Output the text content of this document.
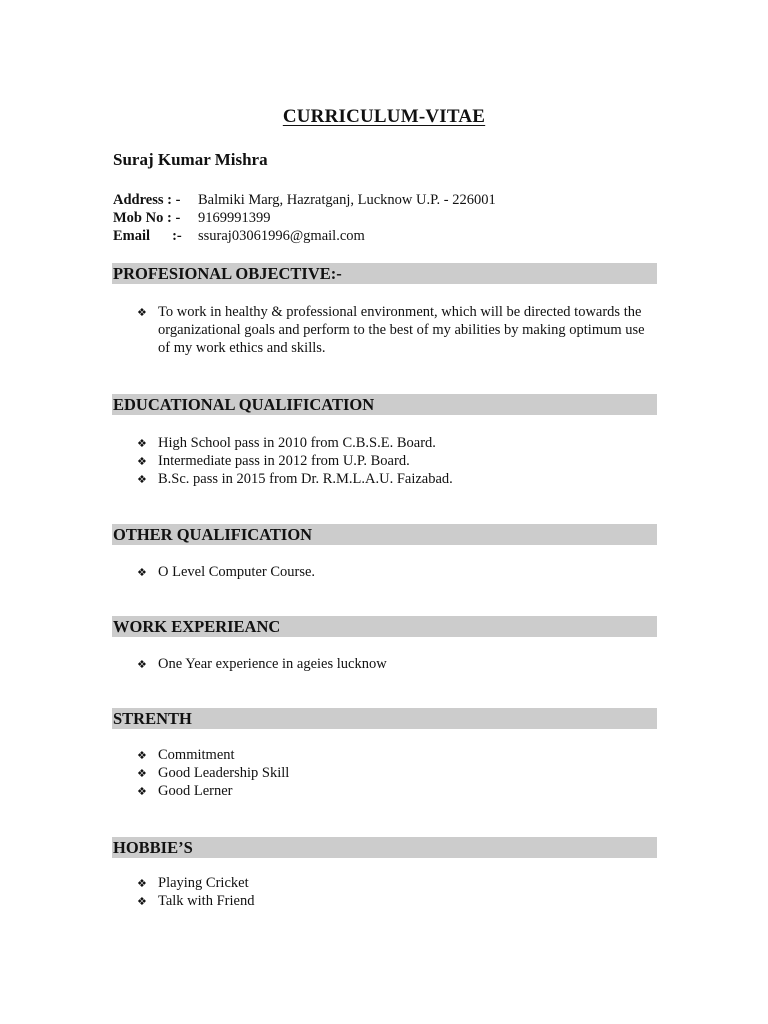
CURRICULUM-VITAE
Suraj Kumar Mishra
Address : -	Balmiki Marg, Hazratganj, Lucknow U.P. - 226001
Mob No : -	9169991399
Email :-	ssuraj03061996@gmail.com
PROFESIONAL OBJECTIVE:-
❖ To work in healthy & professional environment, which will be directed towards the organizational goals and perform to the best of my abilities by making optimum use of my work ethics and skills.
EDUCATIONAL QUALIFICATION
❖ High School pass in 2010 from C.B.S.E. Board.
❖ Intermediate pass in 2012 from U.P. Board.
❖ B.Sc. pass in 2015 from Dr. R.M.L.A.U. Faizabad.
OTHER QUALIFICATION
❖ O Level Computer Course.
WORK EXPERIEANC
❖ One Year experience in ageies lucknow
STRENTH
❖ Commitment
❖ Good Leadership Skill
❖ Good Lerner
HOBBIE’S
❖ Playing Cricket
❖ Talk with Friend
